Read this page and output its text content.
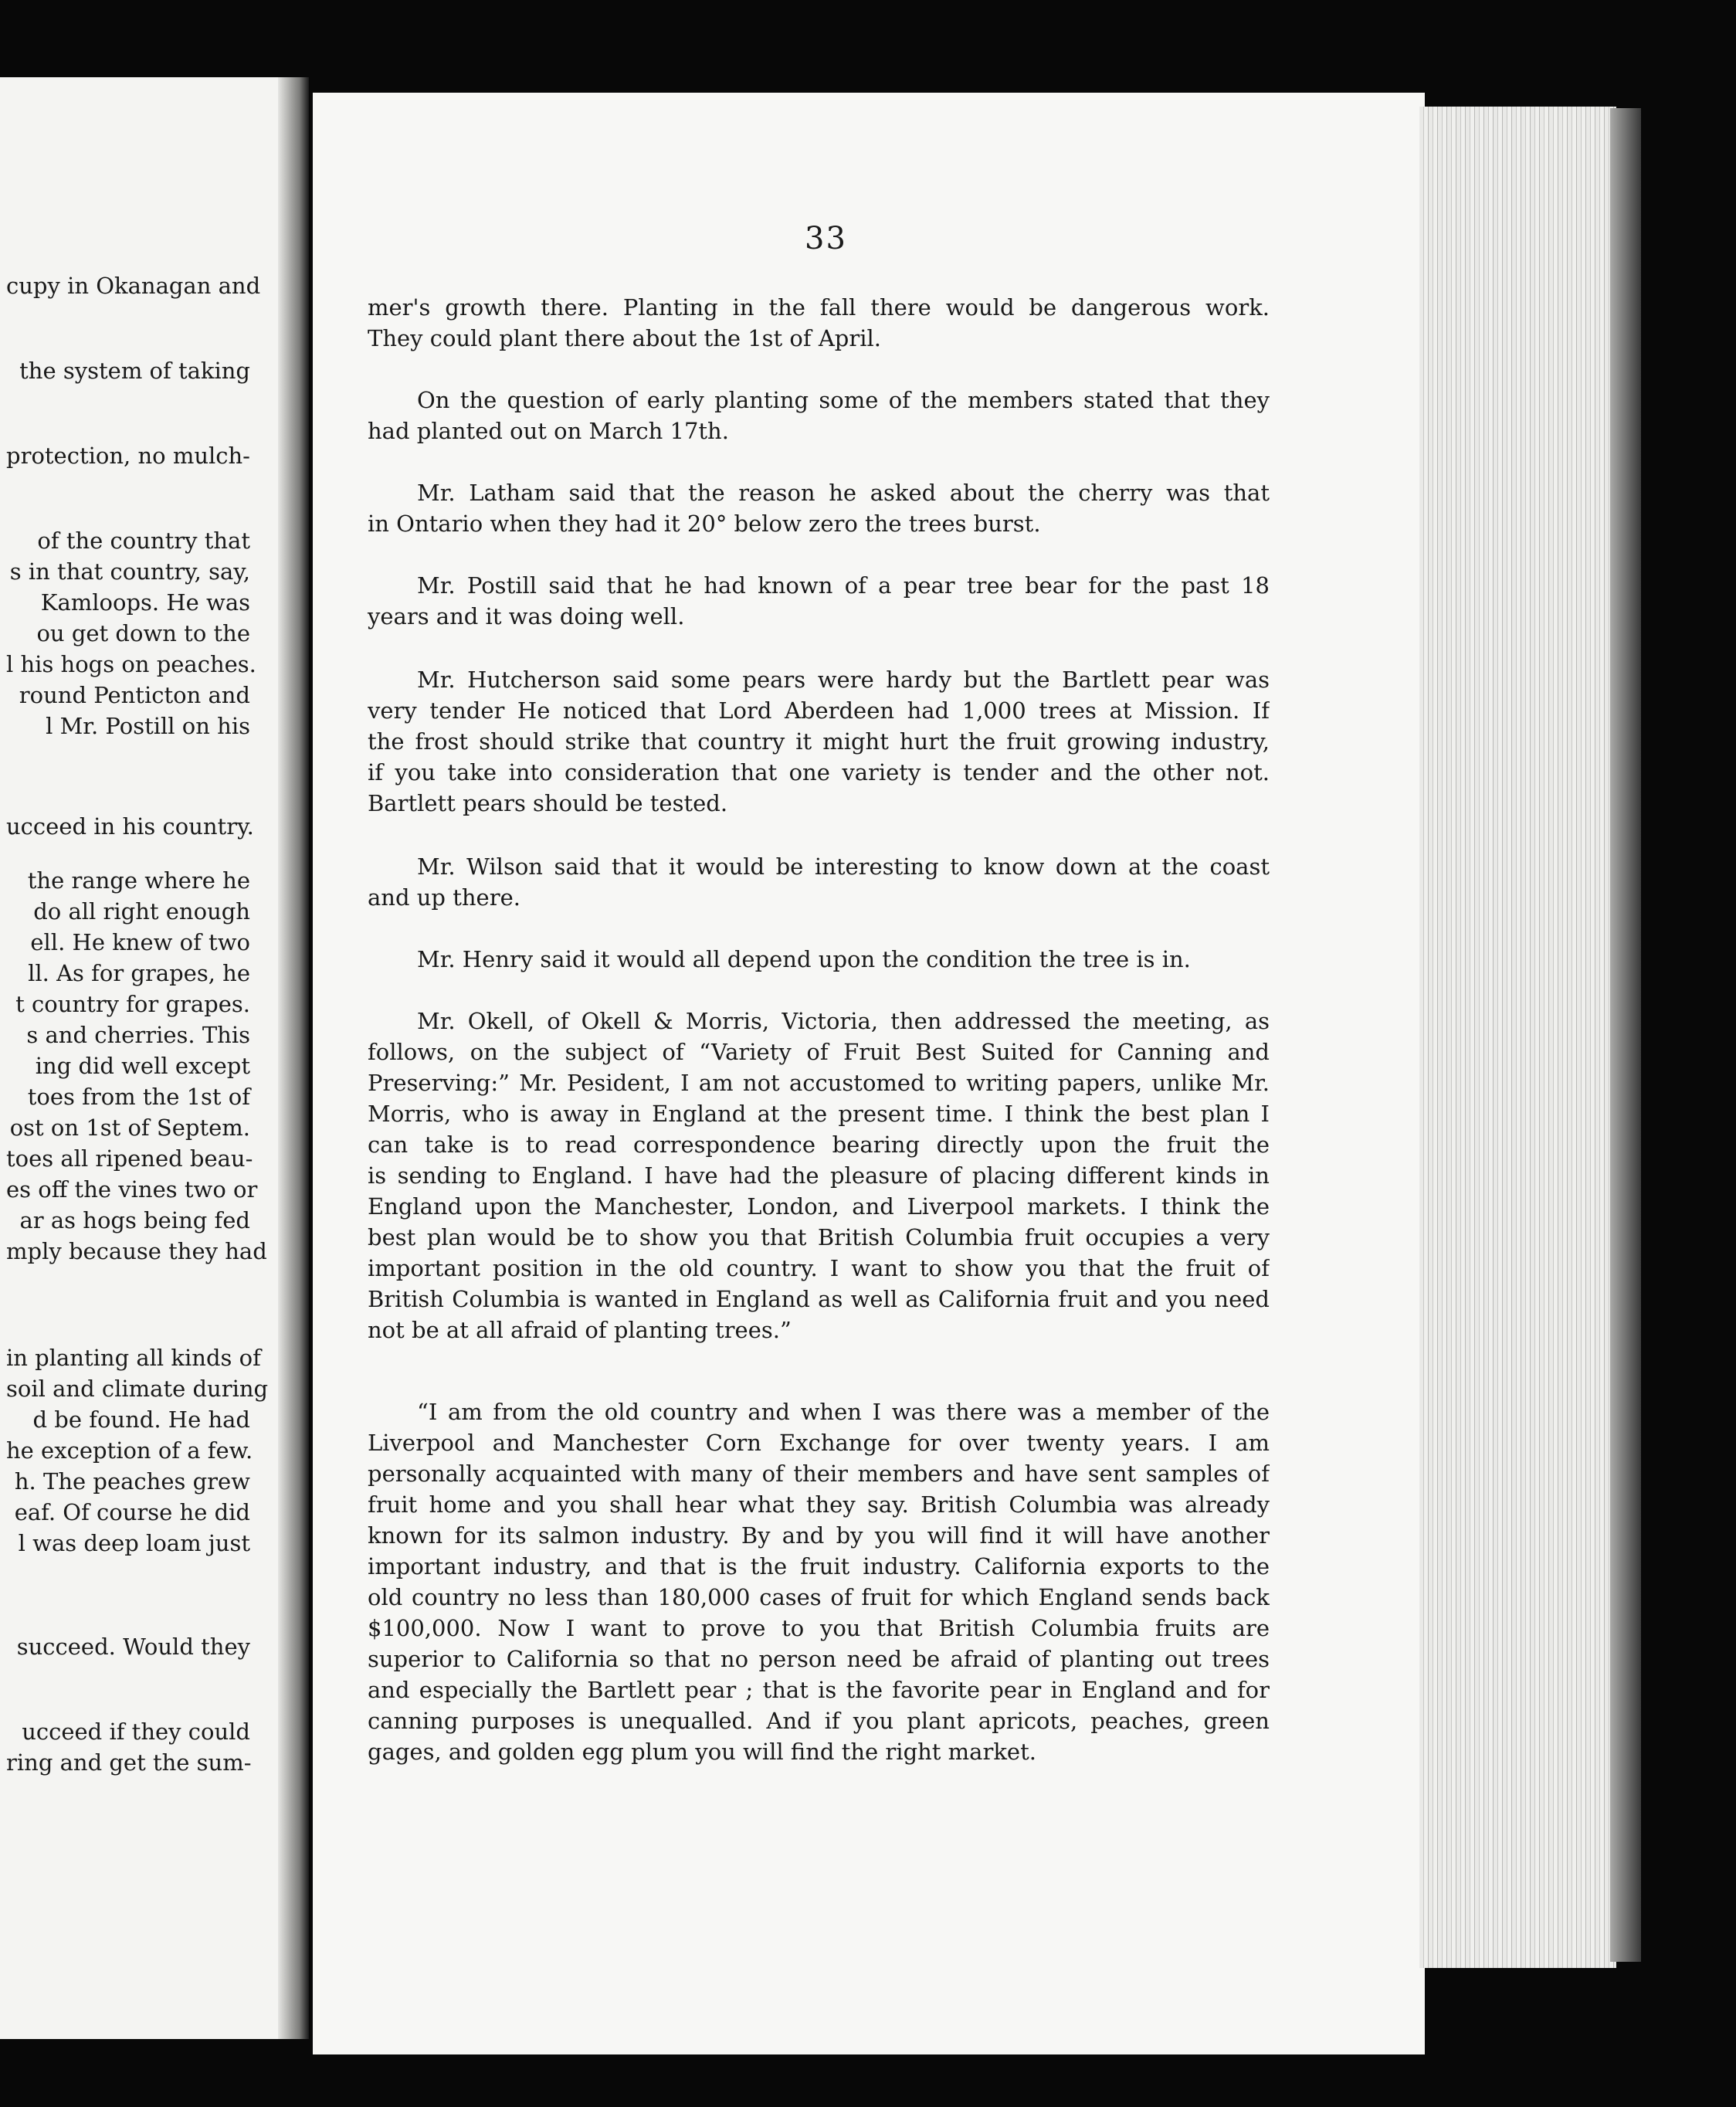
33

cupy in Okanagan and

the system of taking

protection, no mulch-

of the country that

s in that country, say,

Kamloops. He was

ou get down to the

l his hogs on peaches.

round Penticton and

l Mr. Postill on his

ucceed in his country.

the range where he

do all right enough

ell. He knew of two

ll. As for grapes, he

t country for grapes.

s and cherries. This

ing did well except

toes from the 1st of

ost on 1st of Septem.

toes all ripened beau-

es off the vines two or

ar as hogs being fed

mply because they had

in planting all kinds of

soil and climate during

d be found. He had

he exception of a few.

h. The peaches grew

eaf. Of course he did

l was deep loam just

succeed. Would they

ucceed if they could

ring and get the sum-

mer's growth there. Planting in the fall there would be dangerous work.

They could plant there about the 1st of April.

On the question of early planting some of the members stated that they

had planted out on March 17th.

Mr. Latham said that the reason he asked about the cherry was that

in Ontario when they had it 20° below zero the trees burst.

Mr. Postill said that he had known of a pear tree bear for the past 18

years and it was doing well.

Mr. Hutcherson said some pears were hardy but the Bartlett pear was

very tender He noticed that Lord Aberdeen had 1,000 trees at Mission. If

the frost should strike that country it might hurt the fruit growing industry,

if you take into consideration that one variety is tender and the other not.

Bartlett pears should be tested.

Mr. Wilson said that it would be interesting to know down at the coast

and up there.

Mr. Henry said it would all depend upon the condition the tree is in.

Mr. Okell, of Okell & Morris, Victoria, then addressed the meeting, as

follows, on the subject of “Variety of Fruit Best Suited for Canning and

Preserving:” Mr. Pesident, I am not accustomed to writing papers, unlike Mr.

Morris, who is away in England at the present time. I think the best plan I

can take is to read correspondence bearing directly upon the fruit the

is sending to England. I have had the pleasure of placing different kinds in

England upon the Manchester, London, and Liverpool markets. I think the

best plan would be to show you that British Columbia fruit occupies a very

important position in the old country. I want to show you that the fruit of

British Columbia is wanted in England as well as California fruit and you need

not be at all afraid of planting trees.”

“I am from the old country and when I was there was a member of the

Liverpool and Manchester Corn Exchange for over twenty years. I am

personally acquainted with many of their members and have sent samples of

fruit home and you shall hear what they say. British Columbia was already

known for its salmon industry. By and by you will find it will have another

important industry, and that is the fruit industry. California exports to the

old country no less than 180,000 cases of fruit for which England sends back

$100,000. Now I want to prove to you that British Columbia fruits are

superior to California so that no person need be afraid of planting out trees

and especially the Bartlett pear ; that is the favorite pear in England and for

canning purposes is unequalled. And if you plant apricots, peaches, green

gages, and golden egg plum you will find the right market.
